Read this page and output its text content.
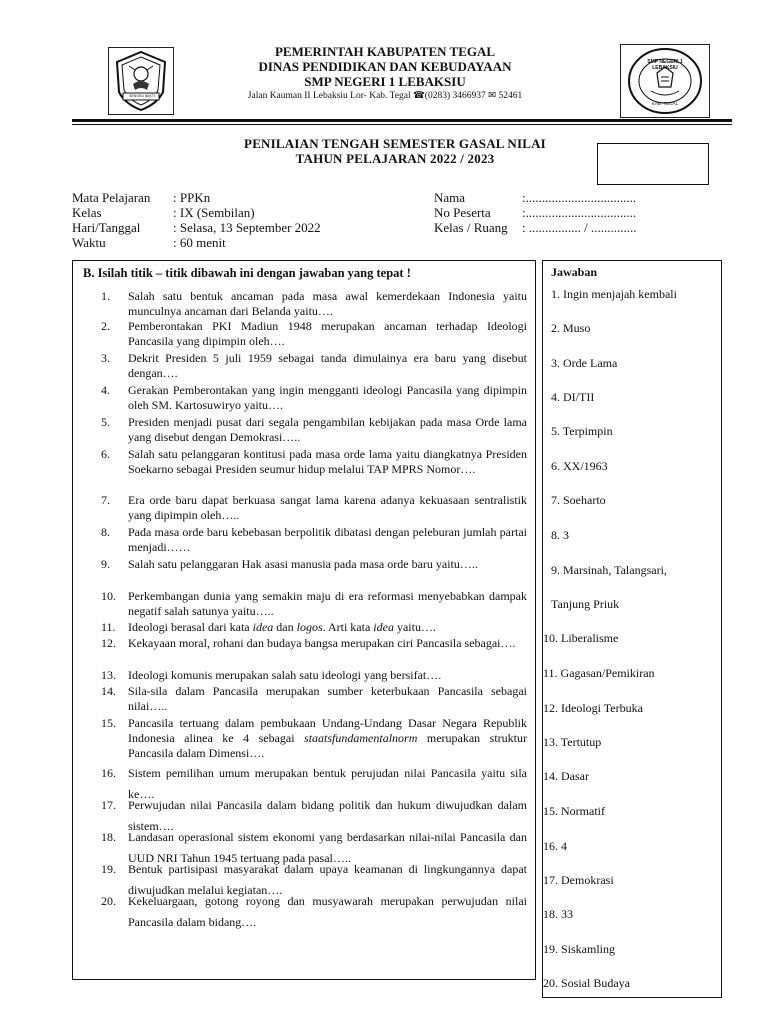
SENGKU BAKTI
PEMERINTAH KABUPATEN TEGAL
DINAS PENDIDIKAN DAN KEBUDAYAAN
SMP NEGERI 1 LEBAKSIU
Jalan Kauman II Lebaksiu Lor- Kab. Tegal ☎(0283) 3466937 ✉ 52461
SMP NEGERI 1 LEBAKSIU
KAB. TEGAL
PENILAIAN TENGAH SEMESTER GASAL NILAI
TAHUN PELAJARAN 2022 / 2023
Mata Pelajaran : PPKn
Kelas	: IX (Sembilan)
Hari/Tanggal	: Selasa, 13 September 2022
Waktu	: 60 menit
Nama	:..................................
No Peserta :..................................
Kelas / Ruang : ................ / ..............
B. Isilah titik – titik dibawah ini dengan jawaban yang tepat !
1.	Salah satu bentuk ancaman pada masa awal kemerdekaan Indonesia yaitu munculnya ancaman dari Belanda yaitu….
2.	Pemberontakan PKI Madiun 1948 merupakan ancaman terhadap Ideologi Pancasila yang dipimpin oleh….
3.	Dekrit Presiden 5 juli 1959 sebagai tanda dimulainya era baru yang disebut dengan….
4.	Gerakan Pemberontakan yang ingin mengganti ideologi Pancasila yang dipimpin oleh SM. Kartosuwiryo yaitu….
5.	Presiden menjadi pusat dari segala pengambilan kebijakan pada masa Orde lama yang disebut dengan Demokrasi…..
6.	Salah satu pelanggaran kontitusi pada masa orde lama yaitu diangkatnya Presiden Soekarno sebagai Presiden seumur hidup melalui TAP MPRS Nomor….
7.	Era orde baru dapat berkuasa sangat lama karena adanya kekuasaan sentralistik yang dipimpin oleh…..
8.	Pada masa orde baru kebebasan berpolitik dibatasi dengan peleburan jumlah partai menjadi……
9.	Salah satu pelanggaran Hak asasi manusia pada masa orde baru yaitu…..
10.	Perkembangan dunia yang semakin maju di era reformasi menyebabkan dampak negatif salah satunya yaitu…..
11.	Ideologi berasal dari kata idea dan logos. Arti kata idea yaitu….
12.	Kekayaan moral, rohani dan budaya bangsa merupakan ciri Pancasila sebagai….
13.	Ideologi komunis merupakan salah satu ideologi yang bersifat….
14.	Sila-sila dalam Pancasila merupakan sumber keterbukaan Pancasila sebagai nilai…..
15.	Pancasila tertuang dalam pembukaan Undang-Undang Dasar Negara Republik Indonesia alinea ke 4 sebagai staatsfundamentalnorm merupakan struktur Pancasila dalam Dimensi….
16.	Sistem pemilihan umum merupakan bentuk perujudan nilai Pancasila yaitu sila ke….
17.	Perwujudan nilai Pancasila dalam bidang politik dan hukum diwujudkan dalam sistem….
18.	Landasan operasional sistem ekonomi yang berdasarkan nilai-nilai Pancasila dan UUD NRI Tahun 1945 tertuang pada pasal…..
19.	Bentuk partisipasi masyarakat dalam upaya keamanan di lingkungannya dapat diwujudkan melalui kegiatan….
20.	Kekeluargaan, gotong royong dan musyawarah merupakan perwujudan nilai Pancasila dalam bidang….
Jawaban
1. Ingin menjajah kembali
2. Muso
3. Orde Lama
4. DI/TII
5. Terpimpin
6. XX/1963
7. Soeharto
8. 3
9. Marsinah, Talangsari,
Tanjung Priuk
10. Liberalisme
11. Gagasan/Pemikiran
12. Ideologi Terbuka
13. Tertutup
14. Dasar
15. Normatif
16. 4
17. Demokrasi
18. 33
19. Siskamling
20. Sosial Budaya
